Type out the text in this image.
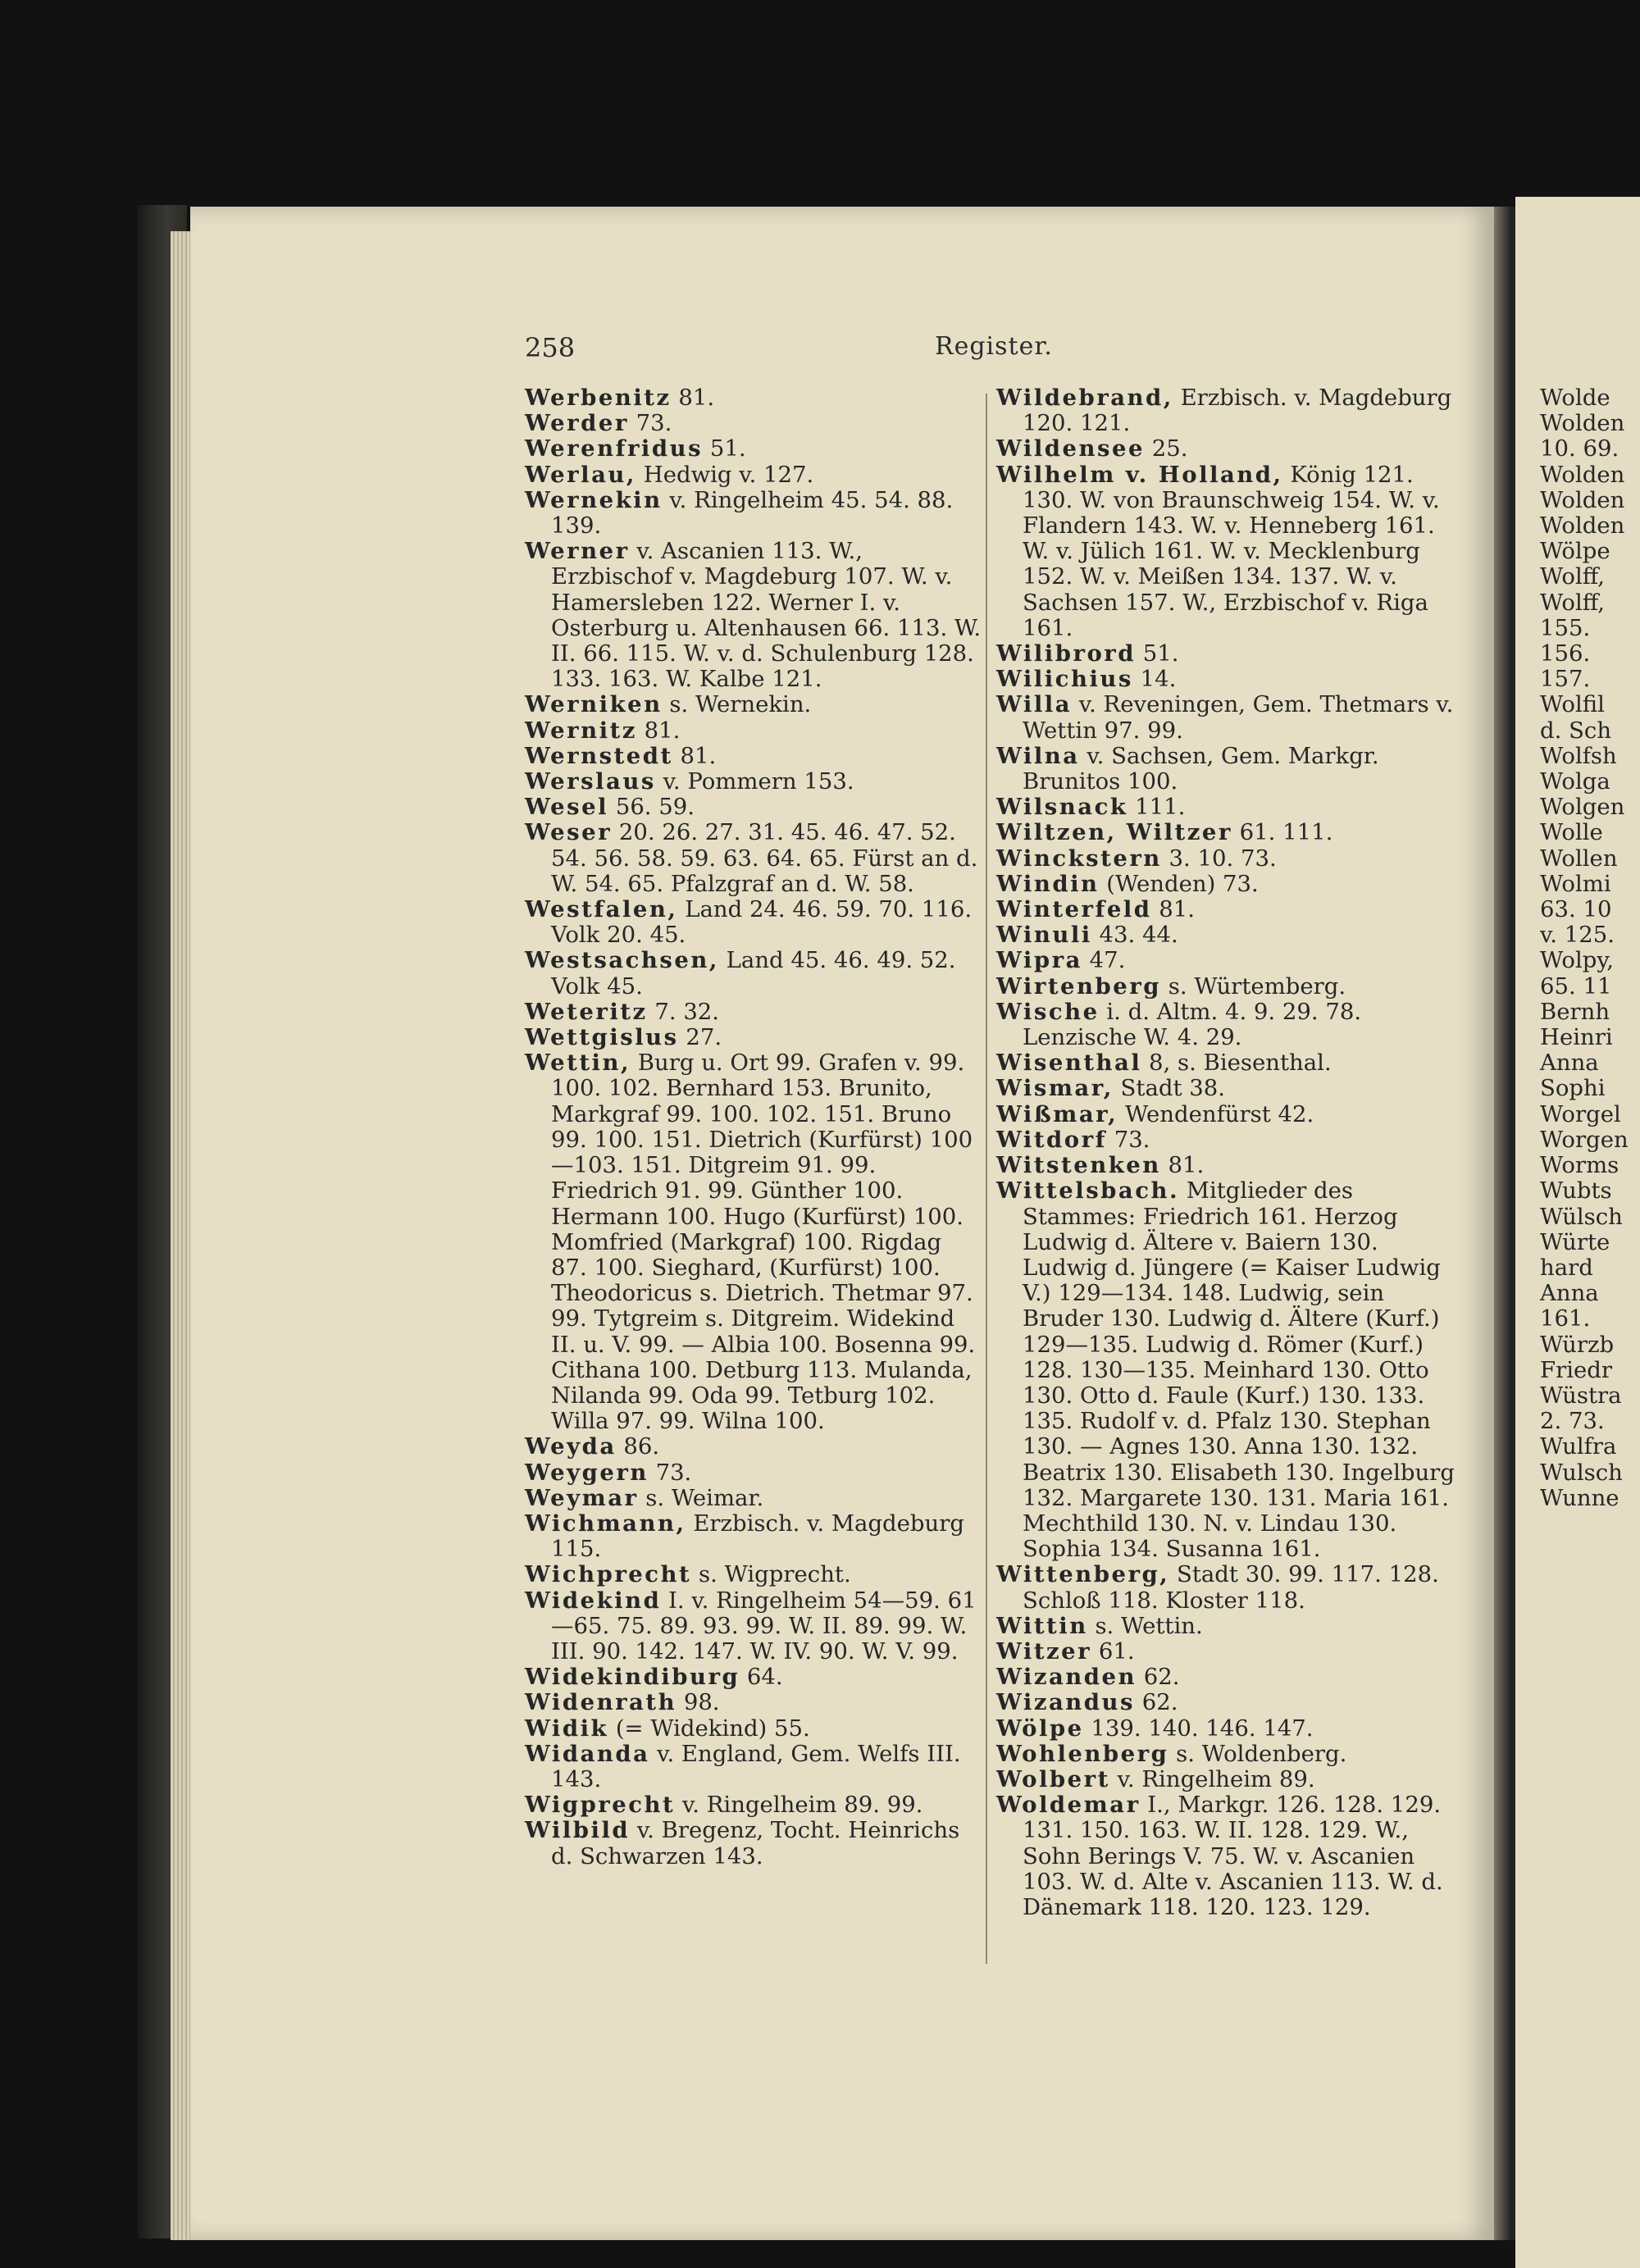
258	Register.

Werbenitz 81.

Werder 73.

Werenfridus 51.

Werlau, Hedwig v. 127.

Wernekin v. Ringelheim 45. 54. 88. 139.

Werner v. Ascanien 113. W., Erzbischof v. Magdeburg 107. W. v. Hamersleben 122. Werner I. v. Osterburg u. Altenhausen 66. 113. W. II. 66. 115. W. v. d. Schulenburg 128. 133. 163. W. Kalbe 121.

Werniken s. Wernekin.

Wernitz 81.

Wernstedt 81.

Werslaus v. Pommern 153.

Wesel 56. 59.

Weser 20. 26. 27. 31. 45. 46. 47. 52. 54. 56. 58. 59. 63. 64. 65. Fürst an d. W. 54. 65. Pfalzgraf an d. W. 58.

Westfalen, Land 24. 46. 59. 70. 116. Volk 20. 45.

Westsachsen, Land 45. 46. 49. 52. Volk 45.

Weteritz 7. 32.

Wettgislus 27.

Wettin, Burg u. Ort 99. Grafen v. 99. 100. 102. Bernhard 153. Brunito, Markgraf 99. 100. 102. 151. Bruno 99. 100. 151. Dietrich (Kurfürst) 100—103. 151. Ditgreim 91. 99. Friedrich 91. 99. Günther 100. Hermann 100. Hugo (Kurfürst) 100. Momfried (Markgraf) 100. Rigdag 87. 100. Sieghard, (Kurfürst) 100. Theodoricus s. Dietrich. Thetmar 97. 99. Tytgreim s. Ditgreim. Widekind II. u. V. 99. — Albia 100. Bosenna 99. Cithana 100. Detburg 113. Mulanda, Nilanda 99. Oda 99. Tetburg 102. Willa 97. 99. Wilna 100.

Weyda 86.

Weygern 73.

Weymar s. Weimar.

Wichmann, Erzbisch. v. Magdeburg 115.

Wichprecht s. Wigprecht.

Widekind I. v. Ringelheim 54—59. 61—65. 75. 89. 93. 99. W. II. 89. 99. W. III. 90. 142. 147. W. IV. 90. W. V. 99.

Widekindiburg 64.

Widenrath 98.

Widik (= Widekind) 55.

Widanda v. England, Gem. Welfs III. 143.

Wigprecht v. Ringelheim 89. 99.

Wilbild v. Bregenz, Tocht. Heinrichs d. Schwarzen 143.

Wildebrand, Erzbisch. v. Magdeburg 120. 121.

Wildensee 25.

Wilhelm v. Holland, König 121. 130. W. von Braunschweig 154. W. v. Flandern 143. W. v. Henneberg 161. W. v. Jülich 161. W. v. Mecklenburg 152. W. v. Meißen 134. 137. W. v. Sachsen 157. W., Erzbischof v. Riga 161.

Wilibrord 51.

Wilichius 14.

Willa v. Reveningen, Gem. Thetmars v. Wettin 97. 99.

Wilna v. Sachsen, Gem. Markgr. Brunitos 100.

Wilsnack 111.

Wiltzen, Wiltzer 61. 111.

Winckstern 3. 10. 73.

Windin (Wenden) 73.

Winterfeld 81.

Winuli 43. 44.

Wipra 47.

Wirtenberg s. Würtemberg.

Wische i. d. Altm. 4. 9. 29. 78. Lenzische W. 4. 29.

Wisenthal 8, s. Biesenthal.

Wismar, Stadt 38.

Wißmar, Wendenfürst 42.

Witdorf 73.

Witstenken 81.

Wittelsbach. Mitglieder des Stammes: Friedrich 161. Herzog Ludwig d. Ältere v. Baiern 130. Ludwig d. Jüngere (= Kaiser Ludwig V.) 129—134. 148. Ludwig, sein Bruder 130. Ludwig d. Ältere (Kurf.) 129—135. Ludwig d. Römer (Kurf.) 128. 130—135. Meinhard 130. Otto 130. Otto d. Faule (Kurf.) 130. 133. 135. Rudolf v. d. Pfalz 130. Stephan 130. — Agnes 130. Anna 130. 132. Beatrix 130. Elisabeth 130. Ingelburg 132. Margarete 130. 131. Maria 161. Mechthild 130. N. v. Lindau 130. Sophia 134. Susanna 161.

Wittenberg, Stadt 30. 99. 117. 128. Schloß 118. Kloster 118.

Wittin s. Wettin.

Witzer 61.

Wizanden 62.

Wizandus 62.

Wölpe 139. 140. 146. 147.

Wohlenberg s. Woldenberg.

Wolbert v. Ringelheim 89.

Woldemar I., Markgr. 126. 128. 129. 131. 150. 163. W. II. 128. 129. W., Sohn Berings V. 75. W. v. Ascanien 103. W. d. Alte v. Ascanien 113. W. d. Dänemark 118. 120. 123. 129.

Wolde
Wolden
10. 69.
Wolden
Wolden
Wolden
Wölpe
Wolff,
Wolff,
155.
156.
157.
Wolfil
d. Sch
Wolfsh
Wolga
Wolgen
Wolle
Wollen
Wolmi
63. 10
v. 125.
Wolpy,
65. 11
Bernh
Heinri
Anna
Sophi
Worgel
Worgen
Worms
Wubts
Wülsch
Würte
hard
Anna
161.
Würzb
Friedr
Wüstra
2. 73.
Wulfra
Wulsch
Wunne
